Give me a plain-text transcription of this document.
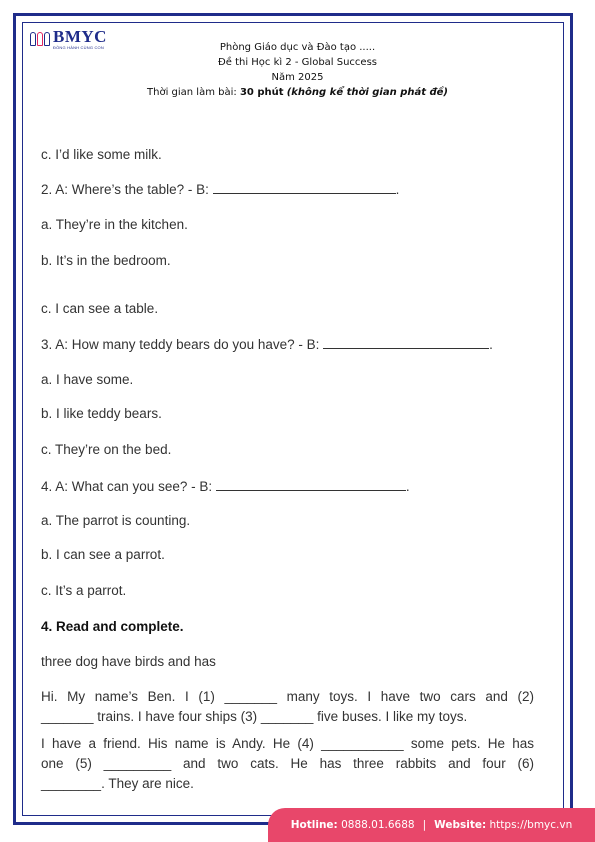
BMYC
ĐỒNG HÀNH CÙNG CON	Phòng Giáo dục và Đào tạo .....
Đề thi Học kì 2 - Global Success
Năm 2025
Thời gian làm bài: 30 phút (không kể thời gian phát đề)
c. I’d like some milk.
2. A: Where’s the table? - B:	.
a. They’re in the kitchen.
b. It’s in the bedroom.
c. I can see a table.
3. A: How many teddy bears do you have? - B:	.
a. I have some.
b. I like teddy bears.
c. They’re on the bed.
4. A: What can you see? - B:	.
a. The parrot is counting.
b. I can see a parrot.
c. It’s a parrot.
4. Read and complete.
three dog have birds and has
Hi. My name’s Ben. I (1) _______ many toys. I have two cars and (2)
_______ trains. I have four ships (3) _______ five buses. I like my toys.
I have a friend. His name is Andy. He (4) ___________ some pets. He has
one (5) _________ and two cats. He has three rabbits and four (6)
________. They are nice.
Hotline:
0888.01.6688 | Website:
https://bmyc.vn
